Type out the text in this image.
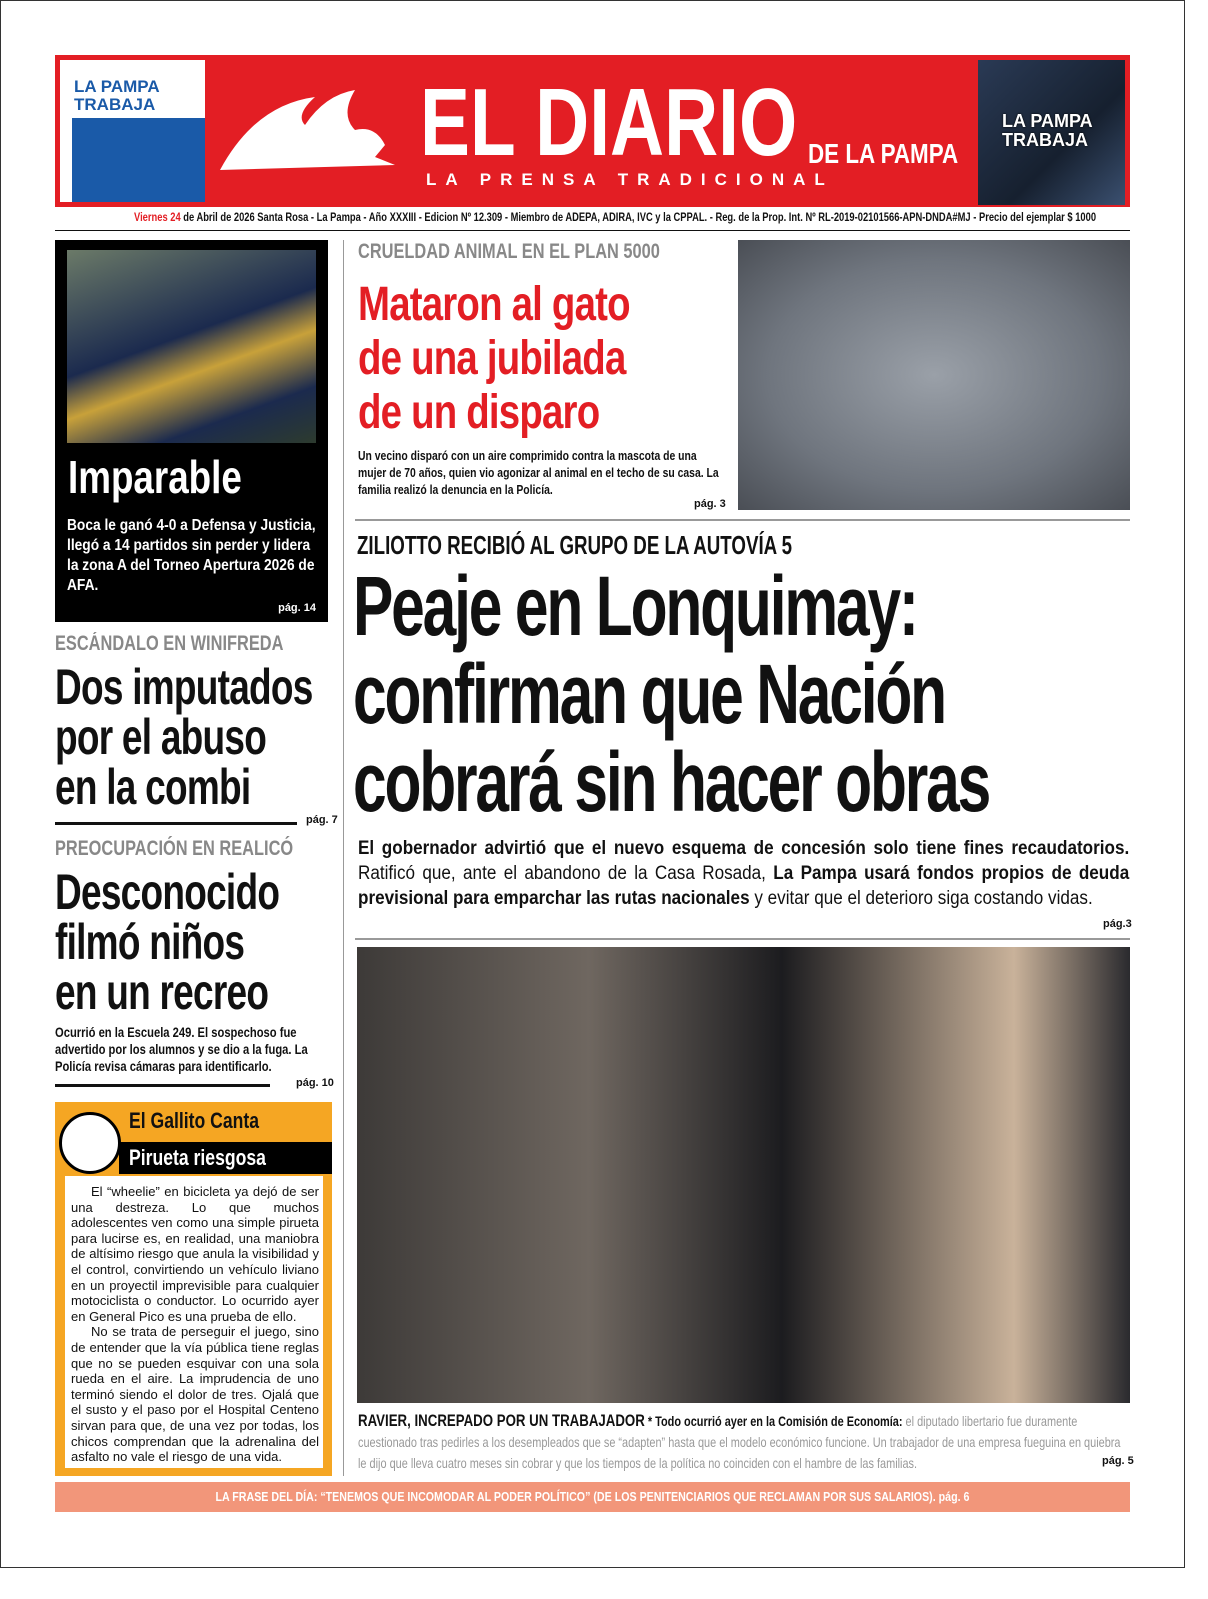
LA PAMPA TRABAJA	EL DIARIO DE LA PAMPA
LA PRENSA TRADICIONAL
LA PAMPA TRABAJA
Viernes 24 de Abril de 2026 Santa Rosa - La Pampa - Año XXXIII - Edicion Nº 12.309 - Miembro de ADEPA, ADIRA, IVC y la CPPAL. - Reg. de la Prop. Int. Nº RL-2019-02101566-APN-DNDA#MJ - Precio del ejemplar $ 1000
Imparable
Boca le ganó 4-0 a Defensa y Justicia, llegó a 14 partidos sin perder y lidera la zona A del Torneo Apertura 2026 de AFA.
pág. 14
ESCÁNDALO EN WINIFREDA
Dos imputados
por el abuso
en la combi
pág. 7
PREOCUPACIÓN EN REALICÓ
Desconocido
filmó niños
en un recreo
Ocurrió en la Escuela 249. El sospechoso fue advertido por los alumnos y se dio a la fuga. La Policía revisa cámaras para identificarlo.
pág. 10
El Gallito Canta
Pirueta riesgosa

El “wheelie” en bicicleta ya dejó de ser una destreza. Lo que muchos adolescentes ven como una simple pirueta para lucirse es, en realidad, una maniobra de altísimo riesgo que anula la visibilidad y el control, convirtiendo un vehículo liviano en un proyectil imprevisible para cualquier motociclista o conductor. Lo ocurrido ayer en General Pico es una prueba de ello.

No se trata de perseguir el juego, sino de entender que la vía pública tiene reglas que no se pueden esquivar con una sola rueda en el aire. La imprudencia de uno terminó siendo el dolor de tres. Ojalá que el susto y el paso por el Hospital Centeno sirvan para que, de una vez por todas, los chicos comprendan que la adrenalina del asfalto no vale el riesgo de una vida.

CRUELDAD ANIMAL EN EL PLAN 5000
Mataron al gato
de una jubilada
de un disparo
Un vecino disparó con un aire comprimido contra la mascota de una mujer de 70 años, quien vio agonizar al animal en el techo de su casa. La familia realizó la denuncia en la Policía.
pág. 3
ZILIOTTO RECIBIÓ AL GRUPO DE LA AUTOVÍA 5
Peaje en Lonquimay:
confirman que Nación
cobrará sin hacer obras
El gobernador advirtió que el nuevo esquema de concesión solo tiene fines recaudatorios. Ratificó que, ante el abandono de la Casa Rosada, La Pampa usará fondos propios de deuda previsional para emparchar las rutas nacionales y evitar que el deterioro siga costando vidas.
pág.3
RAVIER, INCREPADO POR UN TRABAJADOR * Todo ocurrió ayer en la Comisión de Economía: el diputado libertario fue duramente cuestionado tras pedirles a los desempleados que se “adapten” hasta que el modelo económico funcione. Un trabajador de una empresa fueguina en quiebra le dijo que lleva cuatro meses sin cobrar y que los tiempos de la política no coinciden con el hambre de las familias.	pág. 5
LA FRASE DEL DÍA: “TENEMOS QUE INCOMODAR AL PODER POLÍTICO” (DE LOS PENITENCIARIOS QUE RECLAMAN POR SUS SALARIOS). pág. 6
